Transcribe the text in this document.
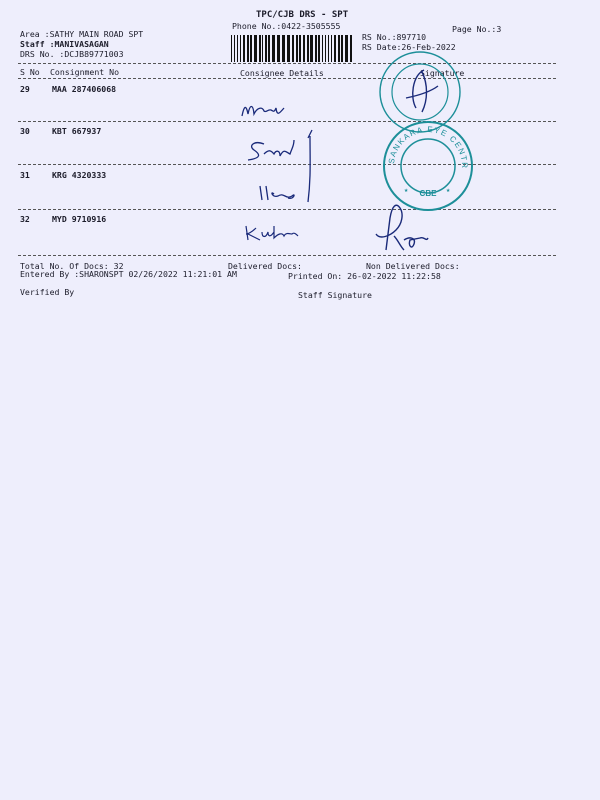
TPC/CJB DRS - SPT
Phone No.:0422-3505555	Page No.:3
Area :SATHY MAIN ROAD SPT
Staff :MANIVASAGAN
DRS No. :DCJB89771003
RS No.:897710
RS Date:26-Feb-2022
S No Consignment No	Consignee Details	Signature
29	MAA 287406068
30	KBT 667937
31	KRG 4320333
32	MYD 9710916
SANKARA EYE CENTRE
CBE
★	★
Total No. Of Docs: 32	Delivered Docs:	Non Delivered Docs:
Entered By :SHARONSPT 02/26/2022 11:21:01 AM	Printed On: 26-02-2022 11:22:58
Verified By	Staff Signature
